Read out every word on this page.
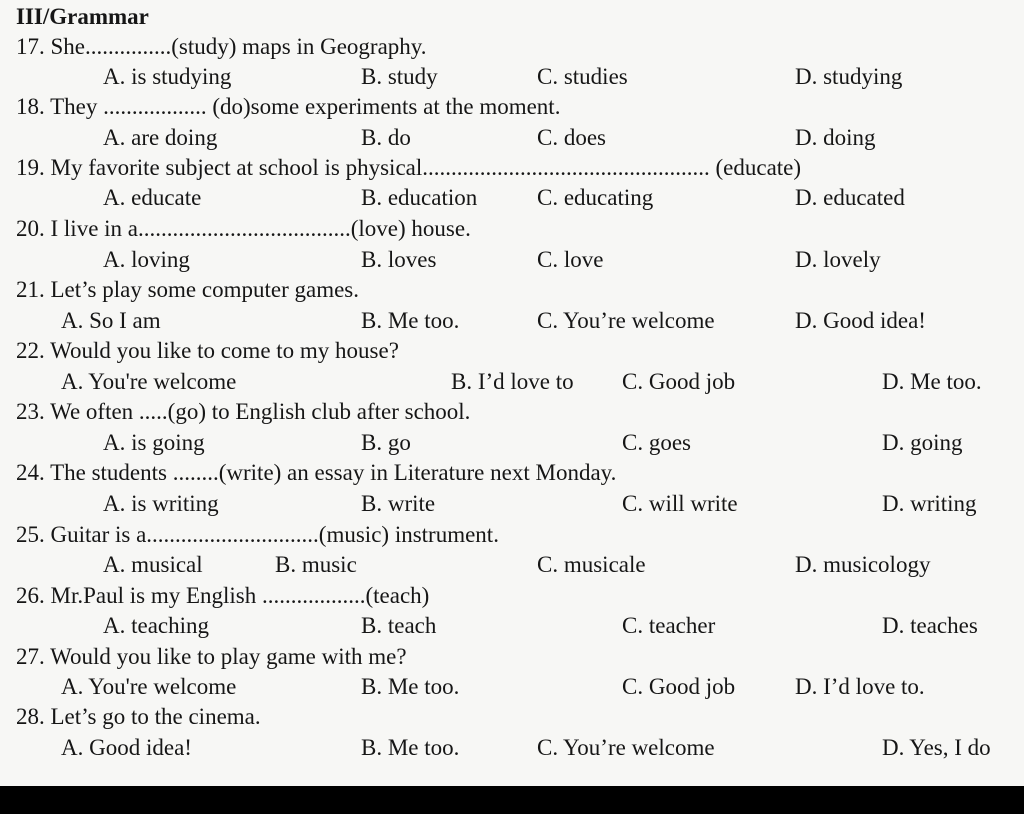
III/Grammar
17. She...............(study) maps in Geography.
A. is studying	B. study	C. studies	D. studying
18. They .................. (do)some experiments at the moment.
A. are doing	B. do	C. does	D. doing
19. My favorite subject at school is physical.................................................. (educate)
A. educate	B. education	C. educating	D. educated
20. I live in a.....................................(love) house.
A. loving	B. loves	C. love	D. lovely
21. Let’s play some computer games.
A. So I am	B. Me too.	C. You’re welcome	D. Good idea!
22. Would you like to come to my house?
A. You're welcome	B. I’d love to C. Good job	D. Me too.
23. We often .....(go) to English club after school.
A. is going	B. go	C. goes	D. going
24. The students ........(write) an essay in Literature next Monday.
A. is writing	B. write	C. will write	D. writing
25. Guitar is a..............................(music) instrument.
A. musical	B. music	C. musicale	D. musicology
26. Mr.Paul is my English ..................(teach)
A. teaching	B. teach	C. teacher	D. teaches
27. Would you like to play game with me?
A. You're welcome	B. Me too.	C. Good job	D. I’d love to.
28. Let’s go to the cinema.
A. Good idea!	B. Me too.	C. You’re welcome	D. Yes, I do
